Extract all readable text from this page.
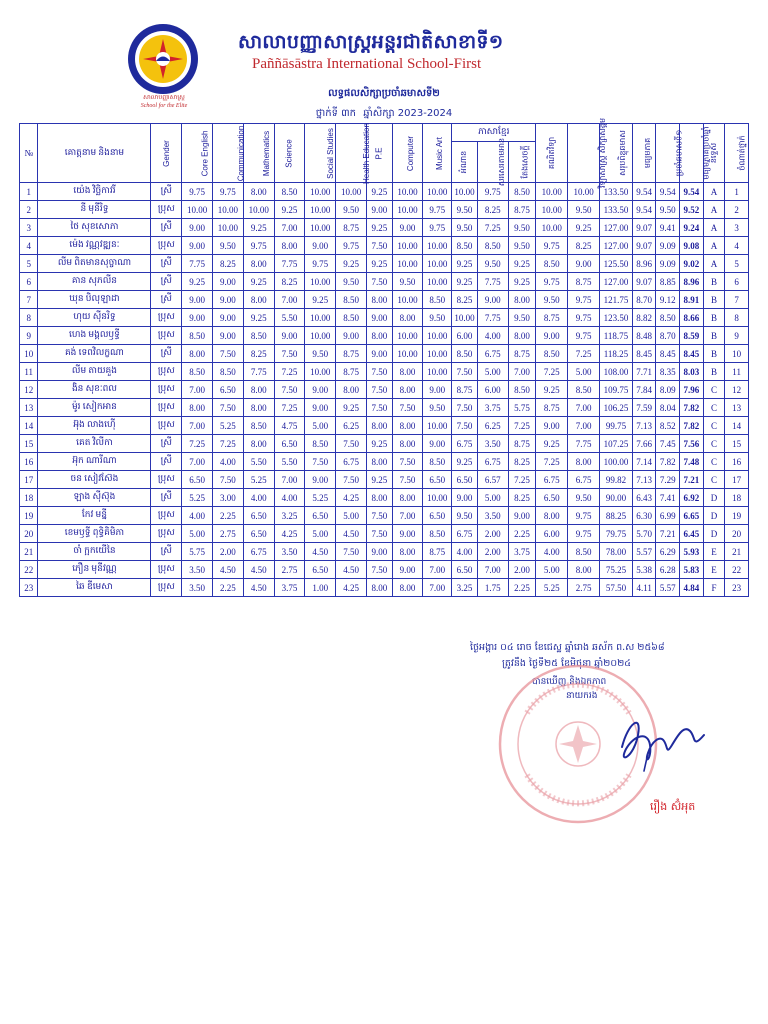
សាលាបញ្ញាសាស្ត្រ
School for the Elite
សាលាបញ្ញាសាស្ត្រអន្តរជាតិសាខាទី១
Paññāsāstra International School-First
លទ្ធផលសិក្សាប្រចាំឆមាសទី២
ថ្នាក់ទី ៣ក ឆ្នាំសិក្សា 2023-2024
№	គោត្តនាម និងនាម	Gender	Core English	Communication	Mathematics	Science	Social Studies	Health Education	P.E	Computer	Music Art	ភាសាខ្មែរ			គណិតវិទ្យា	វិទ្យាសាស្ត្រ សិក្សាសង្គម	សរុបពិន្ទុឆមាស	មធ្យមភាគ	ប្រចាំឆមាសទី១	មធ្យមភាគប្រចាំឆ្នាំ	និទ្ទេស	ចំណាត់ថ្នាក់
												អំណាន	សរសេរតាមអាន	តែងសេចក្តី								
1	យ៉េង វិច្ឆិកាវរី	ស្រី	9.75	9.75	8.00	8.50	10.00	10.00	9.25	10.00	10.00	10.00	9.75	8.50	10.00	10.00	133.50	9.54	9.54	9.54	A	1
2	នី មុនីរិទ្ធ	ប្រុស	10.00	10.00	10.00	9.25	10.00	9.50	9.00	10.00	9.75	9.50	8.25	8.75	10.00	9.50	133.50	9.54	9.50	9.52	A	2
3	ថៃ សុខសោភា	ស្រី	9.00	10.00	9.25	7.00	10.00	8.75	9.25	9.00	9.75	9.50	7.25	9.50	10.00	9.25	127.00	9.07	9.41	9.24	A	3
4	ម៉េង វណ្ណវឌ្ឍនៈ	ប្រុស	9.00	9.50	9.75	8.00	9.00	9.75	7.50	10.00	10.00	8.50	8.50	9.50	9.75	8.25	127.00	9.07	9.09	9.08	A	4
5	លីម ពិតមានសុច្ចាណា	ស្រី	7.75	8.25	8.00	7.75	9.75	9.25	9.25	10.00	10.00	9.25	9.50	9.25	8.50	9.00	125.50	8.96	9.09	9.02	A	5
6	គាន សុភលីន	ស្រី	9.25	9.00	9.25	8.25	10.00	9.50	7.50	9.50	10.00	9.25	7.75	9.25	9.75	8.75	127.00	9.07	8.85	8.96	B	6
7	ឃុន បិលុឡាដា	ស្រី	9.00	9.00	8.00	7.00	9.25	8.50	8.00	10.00	8.50	8.25	9.00	8.00	9.50	9.75	121.75	8.70	9.12	8.91	B	7
8	ហុយ ស៊ីនរិទ្ធ	ប្រុស	9.00	9.00	9.25	5.50	10.00	8.50	9.00	8.00	9.50	10.00	7.75	9.50	8.75	9.75	123.50	8.82	8.50	8.66	B	8
9	ហេង មង្គលឫទ្ធី	ប្រុស	8.50	9.00	8.50	9.00	10.00	9.00	8.00	10.00	10.00	6.00	4.00	8.00	9.00	9.75	118.75	8.48	8.70	8.59	B	9
10	គង់ ទេពវិលក្ខណា	ស្រី	8.00	7.50	8.25	7.50	9.50	8.75	9.00	10.00	10.00	8.50	6.75	8.75	8.50	7.25	118.25	8.45	8.45	8.45	B	10
11	លីម តាយគួង	ប្រុស	8.50	8.50	7.75	7.25	10.00	8.75	7.50	8.00	10.00	7.50	5.00	7.00	7.25	5.00	108.00	7.71	8.35	8.03	B	11
12	ងិន សុខៈពល	ប្រុស	7.00	6.50	8.00	7.50	9.00	8.00	7.50	8.00	9.00	8.75	6.00	8.50	9.25	8.50	109.75	7.84	8.09	7.96	C	12
13	ម៉ូរ សៀកអាន	ប្រុស	8.00	7.50	8.00	7.25	9.00	9.25	7.50	7.50	9.50	7.50	3.75	5.75	8.75	7.00	106.25	7.59	8.04	7.82	C	13
14	អ៊ុង លាងហ៊ើ	ប្រុស	7.00	5.25	8.50	4.75	5.00	6.25	8.00	8.00	10.00	7.50	6.25	7.25	9.00	7.00	99.75	7.13	8.52	7.82	C	14
15	គេត វិលីកា	ស្រី	7.25	7.25	8.00	6.50	8.50	7.50	9.25	8.00	9.00	6.75	3.50	8.75	9.25	7.75	107.25	7.66	7.45	7.56	C	15
16	អ៊ុក ណារីណា	ស្រី	7.00	4.00	5.50	5.50	7.50	6.75	8.00	7.50	8.50	9.25	6.75	8.25	7.25	8.00	100.00	7.14	7.82	7.48	C	16
17	ចន សៀវស៊ែង	ប្រុស	6.50	7.50	5.25	7.00	9.00	7.50	9.25	7.50	6.50	6.50	6.57	7.25	6.75	6.75	99.82	7.13	7.29	7.21	C	17
18	ឡាង ស៊ីស៊ុង	ស្រី	5.25	3.00	4.00	4.00	5.25	4.25	8.00	8.00	10.00	9.00	5.00	8.25	6.50	9.50	90.00	6.43	7.41	6.92	D	18
19	កែវ មន្នី	ប្រុស	4.00	2.25	6.50	3.25	6.50	5.00	7.50	7.00	6.50	9.50	3.50	9.00	8.00	9.75	88.25	6.30	6.99	6.65	D	19
20	ខេមឫទ្ធី ពុទ្ធិគិមិភា	ប្រុស	5.00	2.75	6.50	4.25	5.00	4.50	7.50	9.00	8.50	6.75	2.00	2.25	6.00	9.75	79.75	5.70	7.21	6.45	D	20
21	ចាំ ក្អកយើនៃ	ស្រី	5.75	2.00	6.75	3.50	4.50	7.50	9.00	8.00	8.75	4.00	2.00	3.75	4.00	8.50	78.00	5.57	6.29	5.93	E	21
22	ភឿន មុនីវណ្ណ	ប្រុស	3.50	4.50	4.50	2.75	6.50	4.50	7.50	9.00	7.00	6.50	7.00	2.00	5.00	8.00	75.25	5.38	6.28	5.83	E	22
23	ឆៃ ឌីមេសា	ប្រុស	3.50	2.25	4.50	3.75	1.00	4.25	8.00	8.00	7.00	3.25	1.75	2.25	5.25	2.75	57.50	4.11	5.57	4.84	F	23
ថ្ងៃអង្គារ ០៤ រោច ខែជេស្ឋ ឆ្នាំរោង ឆស័ក ព.ស ២៥៦៨
ត្រូវនឹង ថ្ងៃទី២៥ ខែមិថុនា ឆ្នាំ២០២៤
បានឃើញ និងឯកភាព
នាយករង
រឿង ស៊ំអុត
